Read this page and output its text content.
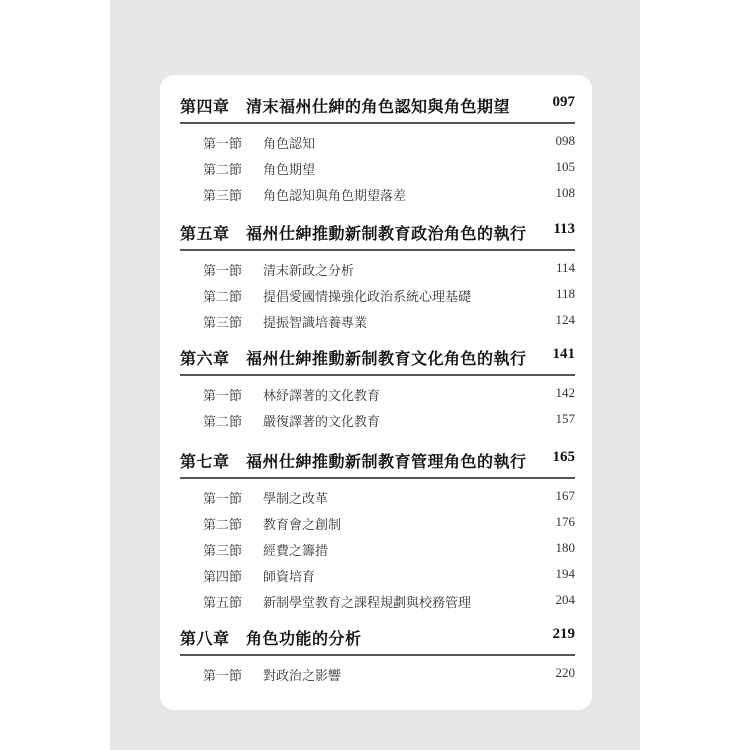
第四章 清末福州仕紳的角色認知與角色期望	097
第一節 角色認知	098
第二節 角色期望	105
第三節 角色認知與角色期望落差	108
第五章 福州仕紳推動新制教育政治角色的執行 113
第一節 清末新政之分析	114
第二節 提倡愛國情操強化政治系統心理基礎	118
第三節 提振智識培養專業	124
第六章 福州仕紳推動新制教育文化角色的執行 141
第一節 林紓譯著的文化教育	142
第二節 嚴復譯著的文化教育	157
第七章 福州仕紳推動新制教育管理角色的執行 165
第一節 學制之改革	167
第二節 教育會之創制	176
第三節 經費之籌措	180
第四節 師資培育	194
第五節 新制學堂教育之課程規劃與校務管理	204
第八章 角色功能的分析	219
第一節 對政治之影響	220
